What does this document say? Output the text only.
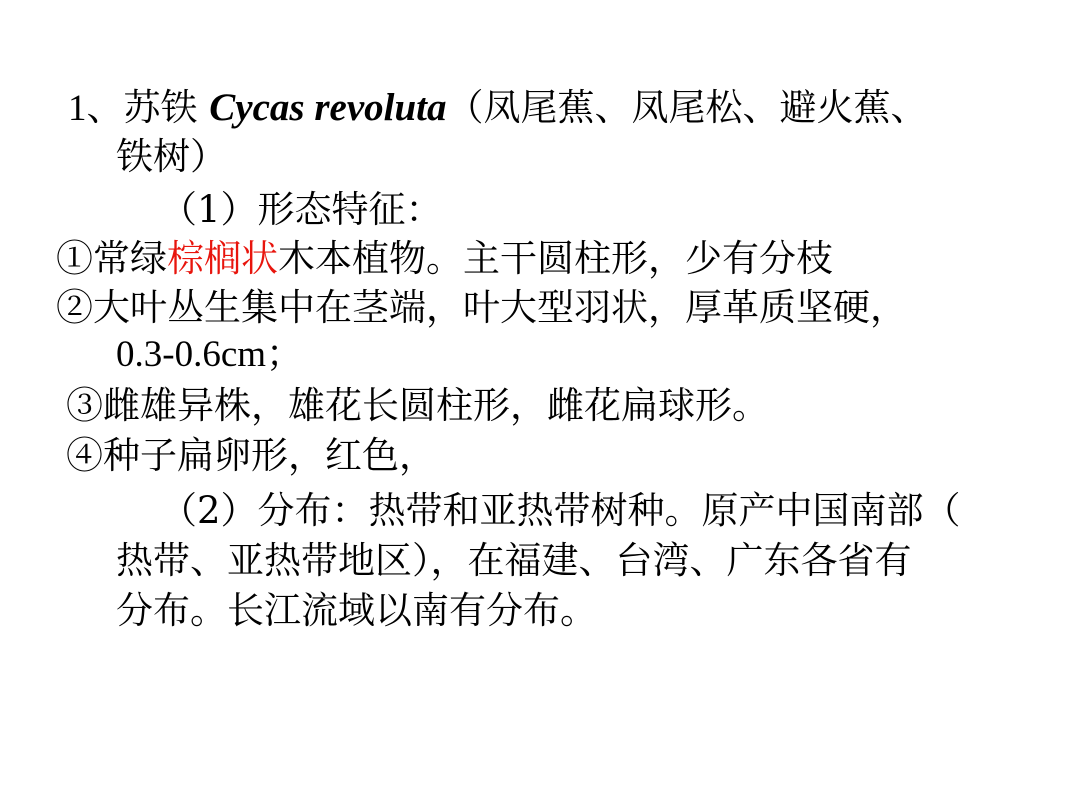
1、苏铁 Cycas revoluta（凤尾蕉、凤尾松、避火蕉、

铁树）

（1）形态特征：

①常绿棕榈状木本植物。主干圆柱形，少有分枝

②大叶丛生集中在茎端，叶大型羽状，厚革质坚硬，

0.3-0.6cm；

③雌雄异株，雄花长圆柱形，雌花扁球形。

④种子扁卵形，红色，

（2）分布：热带和亚热带树种。原产中国南部（

热带、亚热带地区），在福建、台湾、广东各省有

分布。长江流域以南有分布。
